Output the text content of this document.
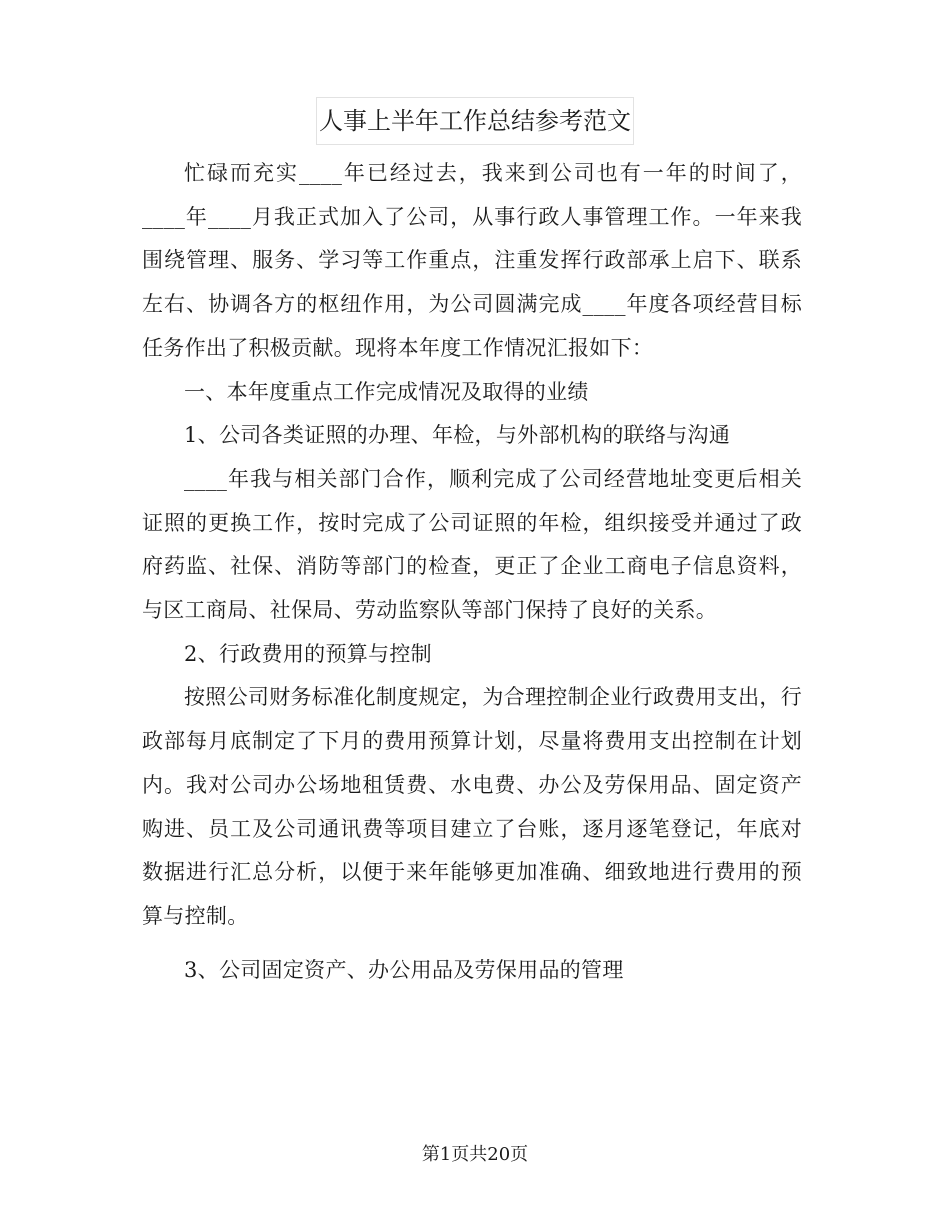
人事上半年工作总结参考范文

忙碌而充实____年已经过去，我来到公司也有一年的时间了，____年____月我正式加入了公司，从事行政人事管理工作。一年来我围绕管理、服务、学习等工作重点，注重发挥行政部承上启下、联系左右、协调各方的枢纽作用，为公司圆满完成____年度各项经营目标任务作出了积极贡献。现将本年度工作情况汇报如下：

一、本年度重点工作完成情况及取得的业绩

1、公司各类证照的办理、年检，与外部机构的联络与沟通

____年我与相关部门合作，顺利完成了公司经营地址变更后相关证照的更换工作，按时完成了公司证照的年检，组织接受并通过了政府药监、社保、消防等部门的检查，更正了企业工商电子信息资料，与区工商局、社保局、劳动监察队等部门保持了良好的关系。

2、行政费用的预算与控制

按照公司财务标准化制度规定，为合理控制企业行政费用支出，行政部每月底制定了下月的费用预算计划，尽量将费用支出控制在计划内。我对公司办公场地租赁费、水电费、办公及劳保用品、固定资产购进、员工及公司通讯费等项目建立了台账，逐月逐笔登记，年底对数据进行汇总分析，以便于来年能够更加准确、细致地进行费用的预算与控制。

3、公司固定资产、办公用品及劳保用品的管理

第1页共20页
